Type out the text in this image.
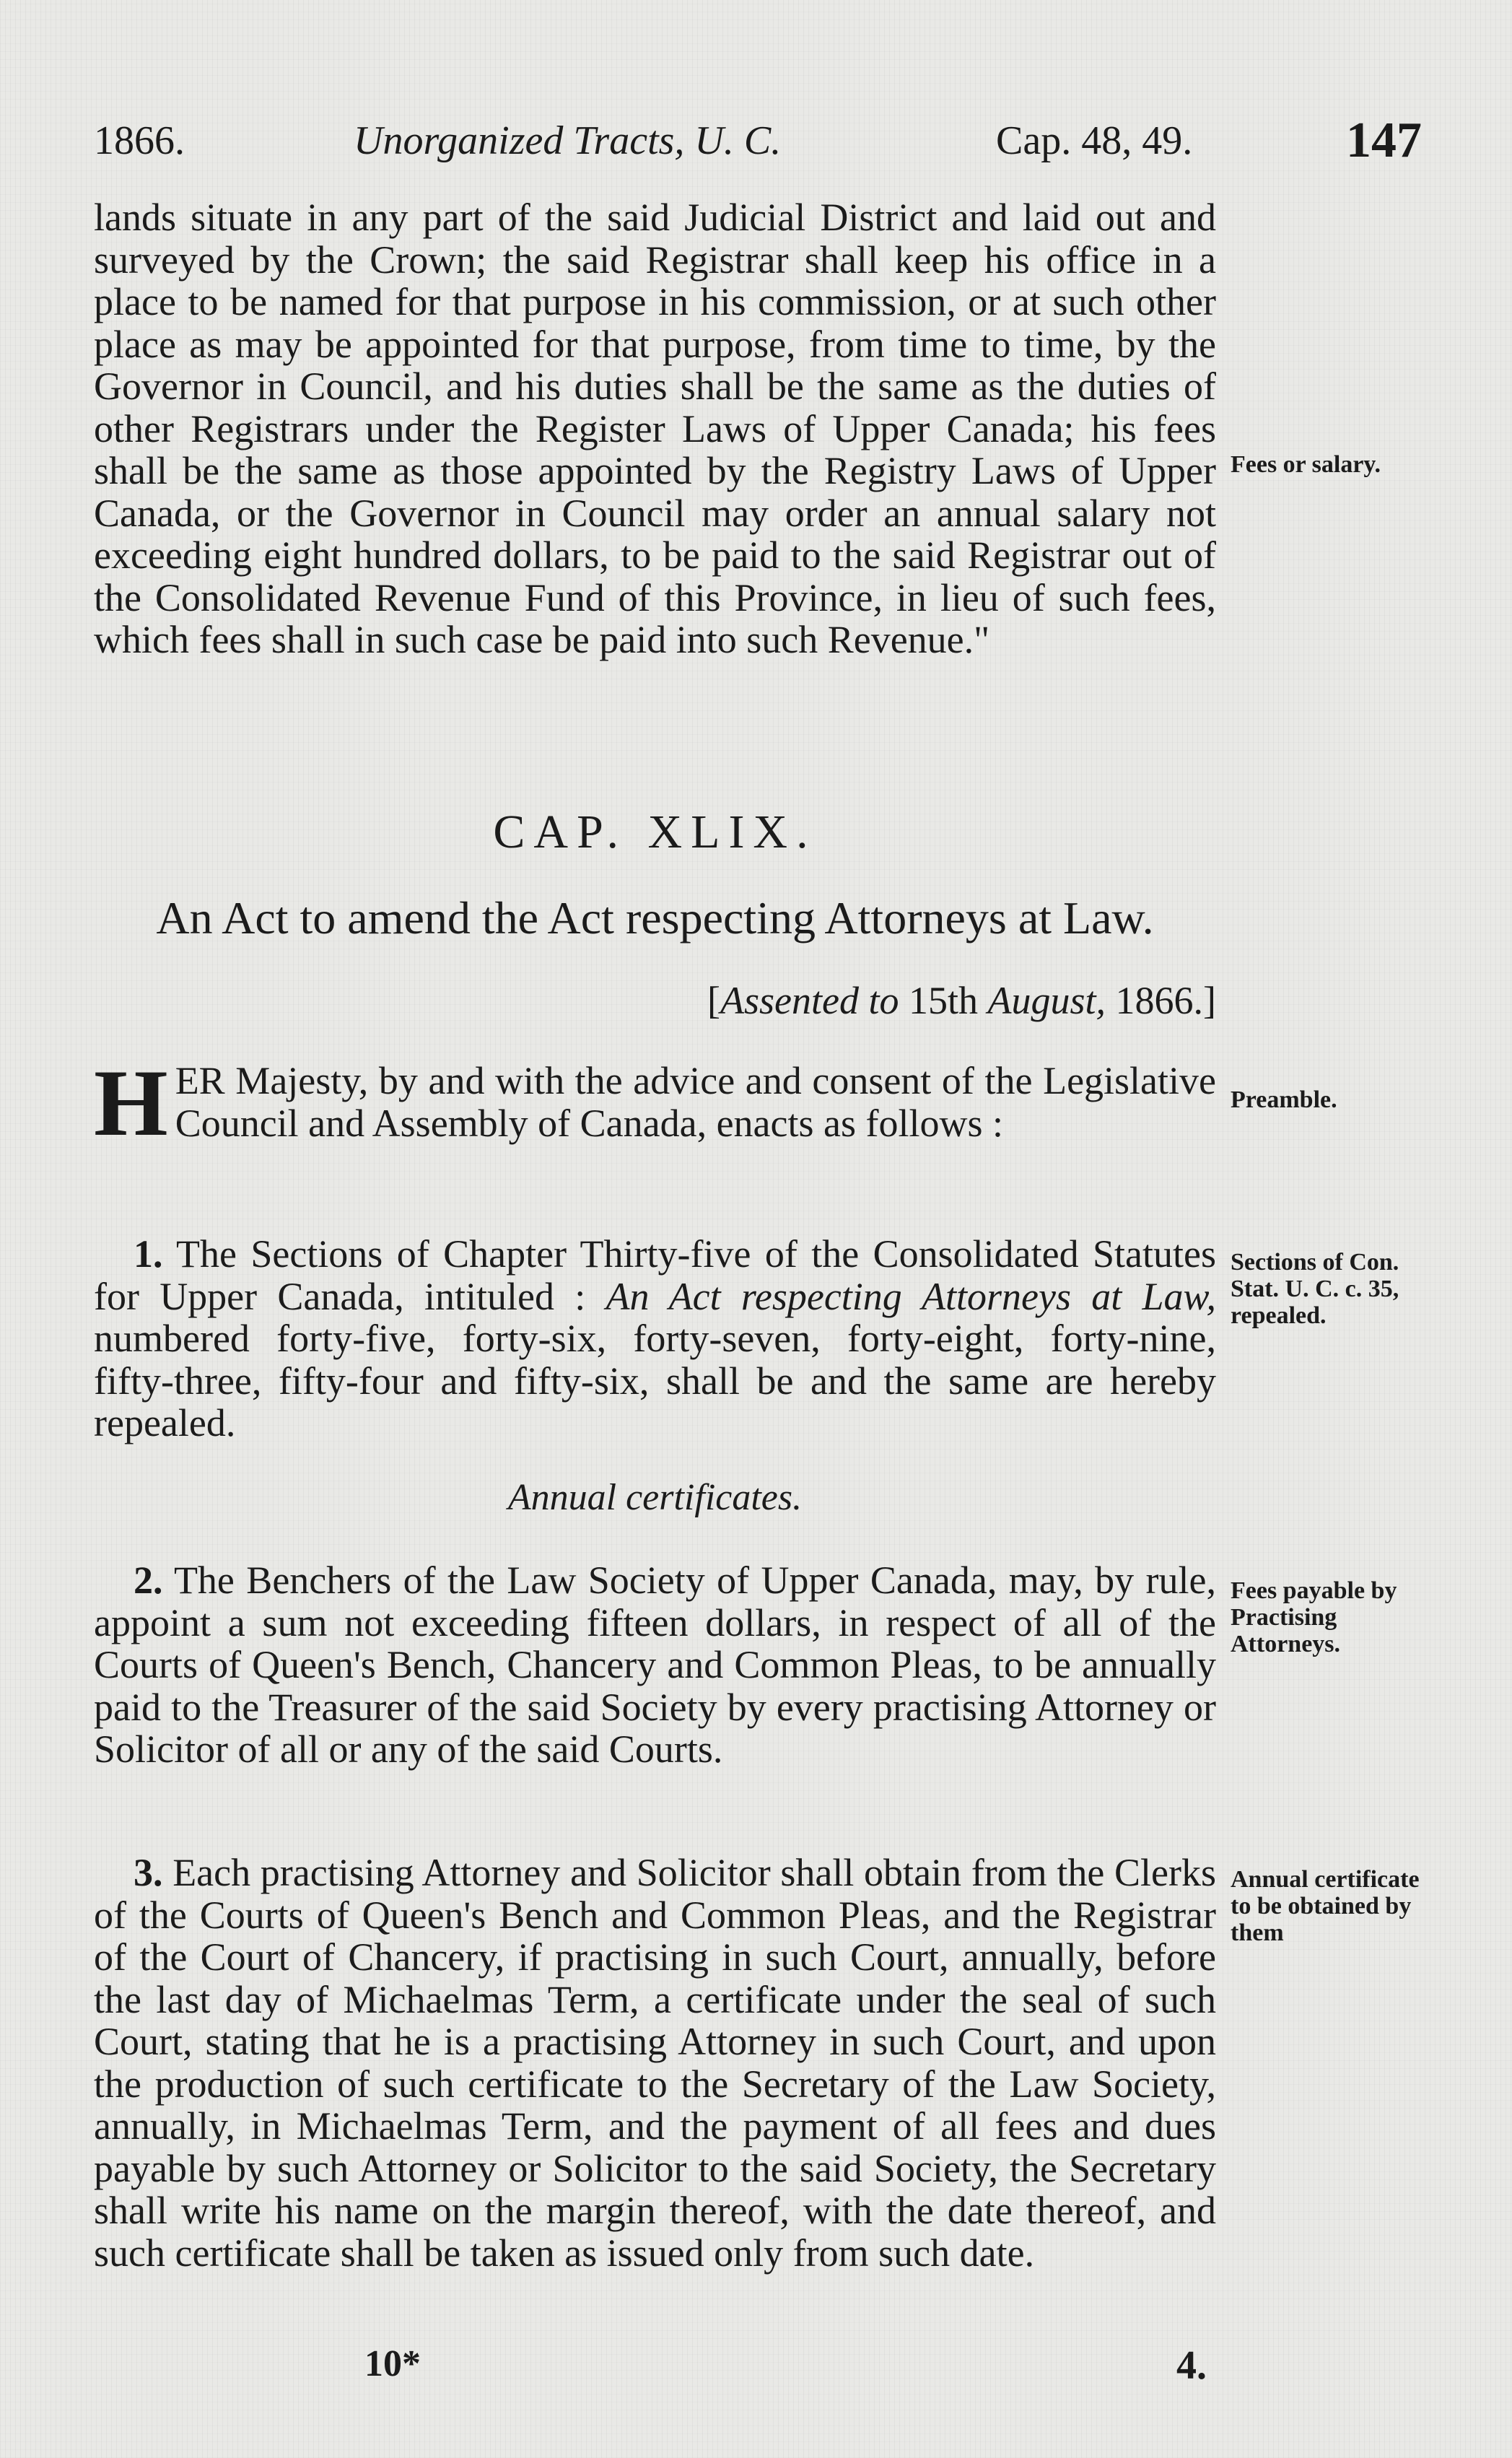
1866.	Unorganized Tracts, U. C.	Cap. 48, 49.	147

lands situate in any part of the said Judicial District and laid out and surveyed by the Crown; the said Registrar shall keep his office in a place to be named for that purpose in his commission, or at such other place as may be appointed for that purpose, from time to time, by the Governor in Council, and his duties shall be the same as the duties of other Registrars under the Register Laws of Upper Canada; his fees shall be the same as those appointed by the Registry Laws of Upper Canada, or the Governor in Council may order an annual salary not exceeding eight hundred dollars, to be paid to the said Registrar out of the Consolidated Revenue Fund of this Province, in lieu of such fees, which fees shall in such case be paid into such Revenue."

Fees or salary.
CAP. XLIX.
An Act to amend the Act respecting Attorneys at Law.
[Assented to 15th August, 1866.]
H ER Majesty, by and with the advice and consent of the Legislative Council and Assembly of Canada, enacts as follows :
Preamble.

1. The Sections of Chapter Thirty-five of the Consolidated Statutes for Upper Canada, intituled : An Act respecting Attorneys at Law, numbered forty-five, forty-six, forty-seven, forty-eight, forty-nine, fifty-three, fifty-four and fifty-six, shall be and the same are hereby repealed.

Sections of Con. Stat. U. C. c. 35, repealed.
Annual certificates.

2. The Benchers of the Law Society of Upper Canada, may, by rule, appoint a sum not exceeding fifteen dollars, in respect of all of the Courts of Queen's Bench, Chancery and Common Pleas, to be annually paid to the Treasurer of the said Society by every practising Attorney or Solicitor of all or any of the said Courts.

Fees payable by Practising Attorneys.

3. Each practising Attorney and Solicitor shall obtain from the Clerks of the Courts of Queen's Bench and Common Pleas, and the Registrar of the Court of Chancery, if practising in such Court, annually, before the last day of Michaelmas Term, a certificate under the seal of such Court, stating that he is a practising Attorney in such Court, and upon the production of such certificate to the Secretary of the Law Society, annually, in Michaelmas Term, and the payment of all fees and dues payable by such Attorney or Solicitor to the said Society, the Secretary shall write his name on the margin thereof, with the date thereof, and such certificate shall be taken as issued only from such date.

Annual certificate to be obtained by them
10*	4.
